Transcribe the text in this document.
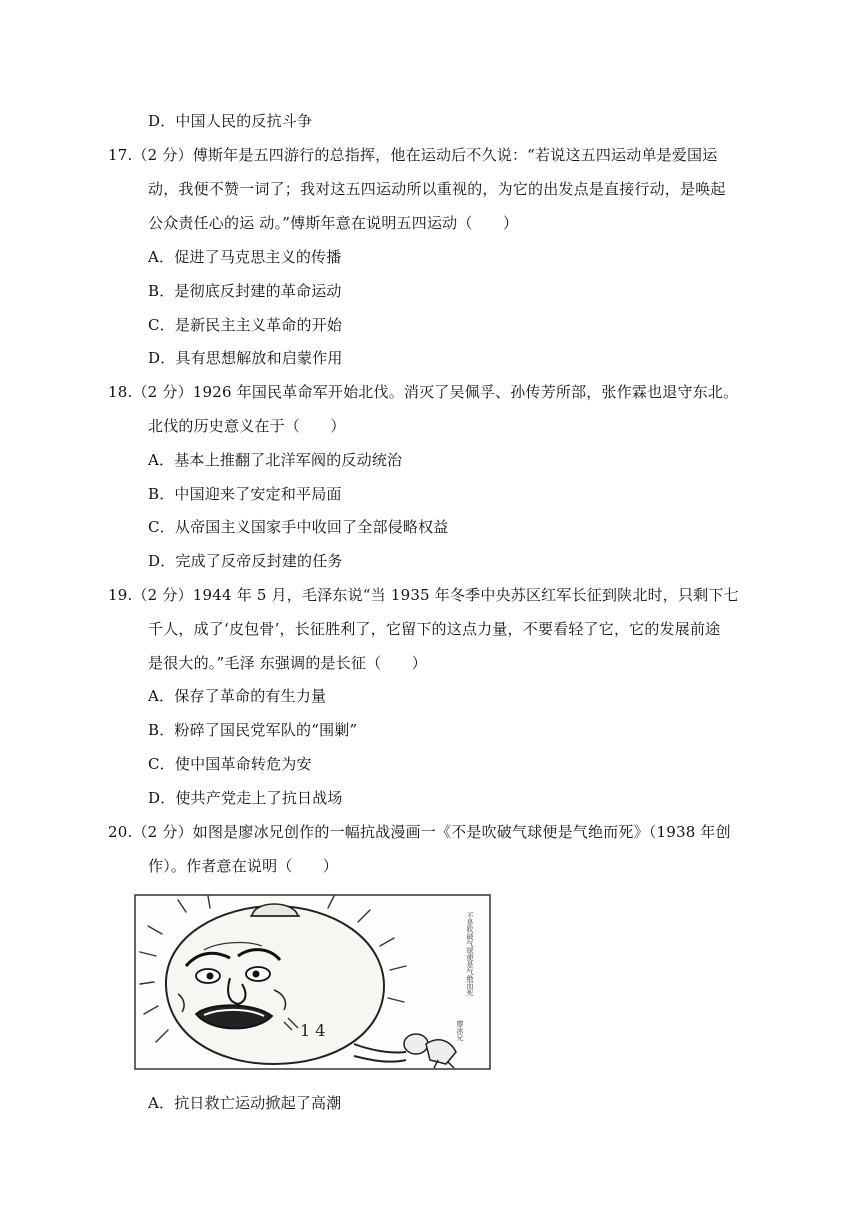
D．中国人民的反抗斗争
17.（2 分）傅斯年是五四游行的总指挥，他在运动后不久说：“若说这五四运动单是爱国运
动，我便不赞一词了；我对这五四运动所以重视的，为它的出发点是直接行动，是唤起
公众责任心的运 动。”傅斯年意在说明五四运动（　　）
A．促进了马克思主义的传播
B．是彻底反封建的革命运动
C．是新民主主义革命的开始
D．具有思想解放和启蒙作用
18.（2 分）1926 年国民革命军开始北伐。消灭了吴佩孚、孙传芳所部，张作霖也退守东北。
北伐的历史意义在于（　　）
A．基本上推翻了北洋军阀的反动统治
B．中国迎来了安定和平局面
C．从帝国主义国家手中收回了全部侵略权益
D．完成了反帝反封建的任务
19.（2 分）1944 年 5 月，毛泽东说“当 1935 年冬季中央苏区红军长征到陕北时，只剩下七
千人，成了‘皮包骨’，长征胜利了，它留下的这点力量，不要看轻了它，它的发展前途
是很大的。”毛泽 东强调的是长征（　　）
A．保存了革命的有生力量
B．粉碎了国民党军队的“围剿”
C．使中国革命转危为安
D．使共产党走上了抗日战场
20.（2 分）如图是廖冰兄创作的一幅抗战漫画一《不是吹破气球便是气绝而死》（1938 年创
作）。作者意在说明（　　）
1 4
不是吹破气球便是气绝而死
廖冰兄
A．抗日救亡运动掀起了高潮
